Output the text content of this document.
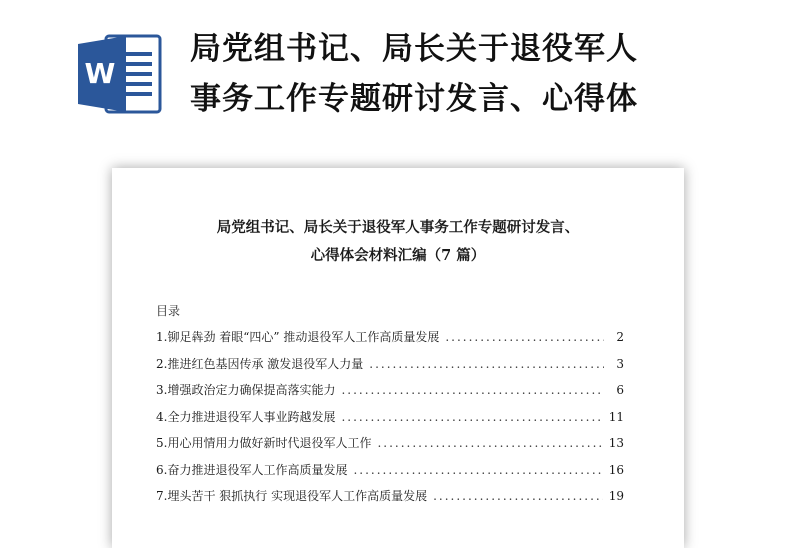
W
局党组书记、局长关于退役军人
事务工作专题研讨发言、心得体
局党组书记、局长关于退役军人事务工作专题研讨发言、
心得体会材料汇编（7 篇）
目录
1. 铆足犇劲 着眼“四心” 推动退役军人工作高质量发展 .....	2
2. 推进红色基因传承 激发退役军人力量 .....	3
3. 增强政治定力确保提高落实能力 .....	6
4. 全力推进退役军人事业跨越发展 .....	11
5. 用心用情用力做好新时代退役军人工作 .....	13
6. 奋力推进退役军人工作高质量发展 .....	16
7. 埋头苦干 狠抓执行 实现退役军人工作高质量发展 .....	19
